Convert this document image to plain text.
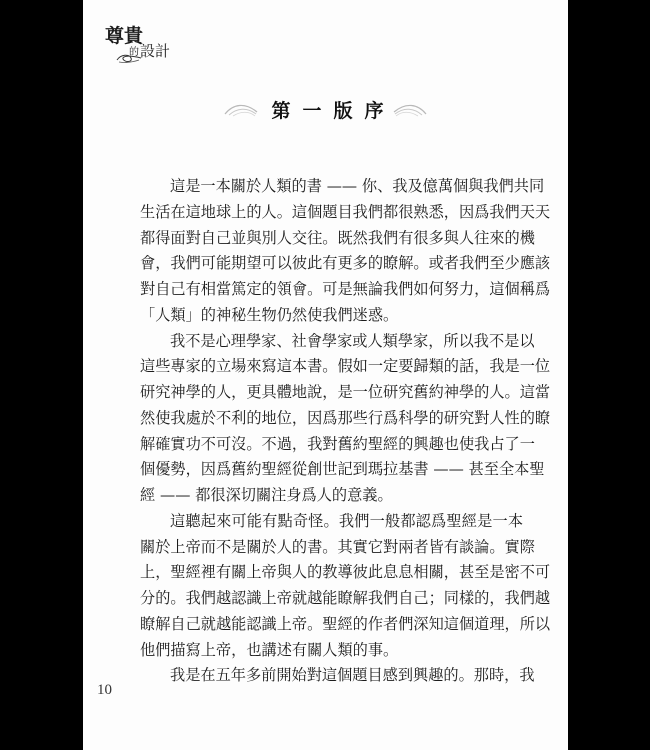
尊貴
的 設計
第一版序

這是一本關於人類的書 —— 你、我及億萬個與我們共同
生活在這地球上的人。這個題目我們都很熟悉，因爲我們天天
都得面對自己並與別人交往。既然我們有很多與人往來的機
會，我們可能期望可以彼此有更多的瞭解。或者我們至少應該
對自己有相當篤定的領會。可是無論我們如何努力，這個稱爲
「人類」的神秘生物仍然使我們迷惑。

我不是心理學家、社會學家或人類學家，所以我不是以
這些專家的立場來寫這本書。假如一定要歸類的話，我是一位
研究神學的人，更具體地說，是一位研究舊約神學的人。這當
然使我處於不利的地位，因爲那些行爲科學的研究對人性的瞭
解確實功不可沒。不過，我對舊約聖經的興趣也使我占了一
個優勢，因爲舊約聖經從創世記到瑪拉基書 —— 甚至全本聖
經 —— 都很深切關注身爲人的意義。

這聽起來可能有點奇怪。我們一般都認爲聖經是一本
關於上帝而不是關於人的書。其實它對兩者皆有談論。實際
上，聖經裡有關上帝與人的教導彼此息息相關，甚至是密不可
分的。我們越認識上帝就越能瞭解我們自己；同樣的，我們越
瞭解自己就越能認識上帝。聖經的作者們深知這個道理，所以
他們描寫上帝，也講述有關人類的事。

我是在五年多前開始對這個題目感到興趣的。那時，我

10
